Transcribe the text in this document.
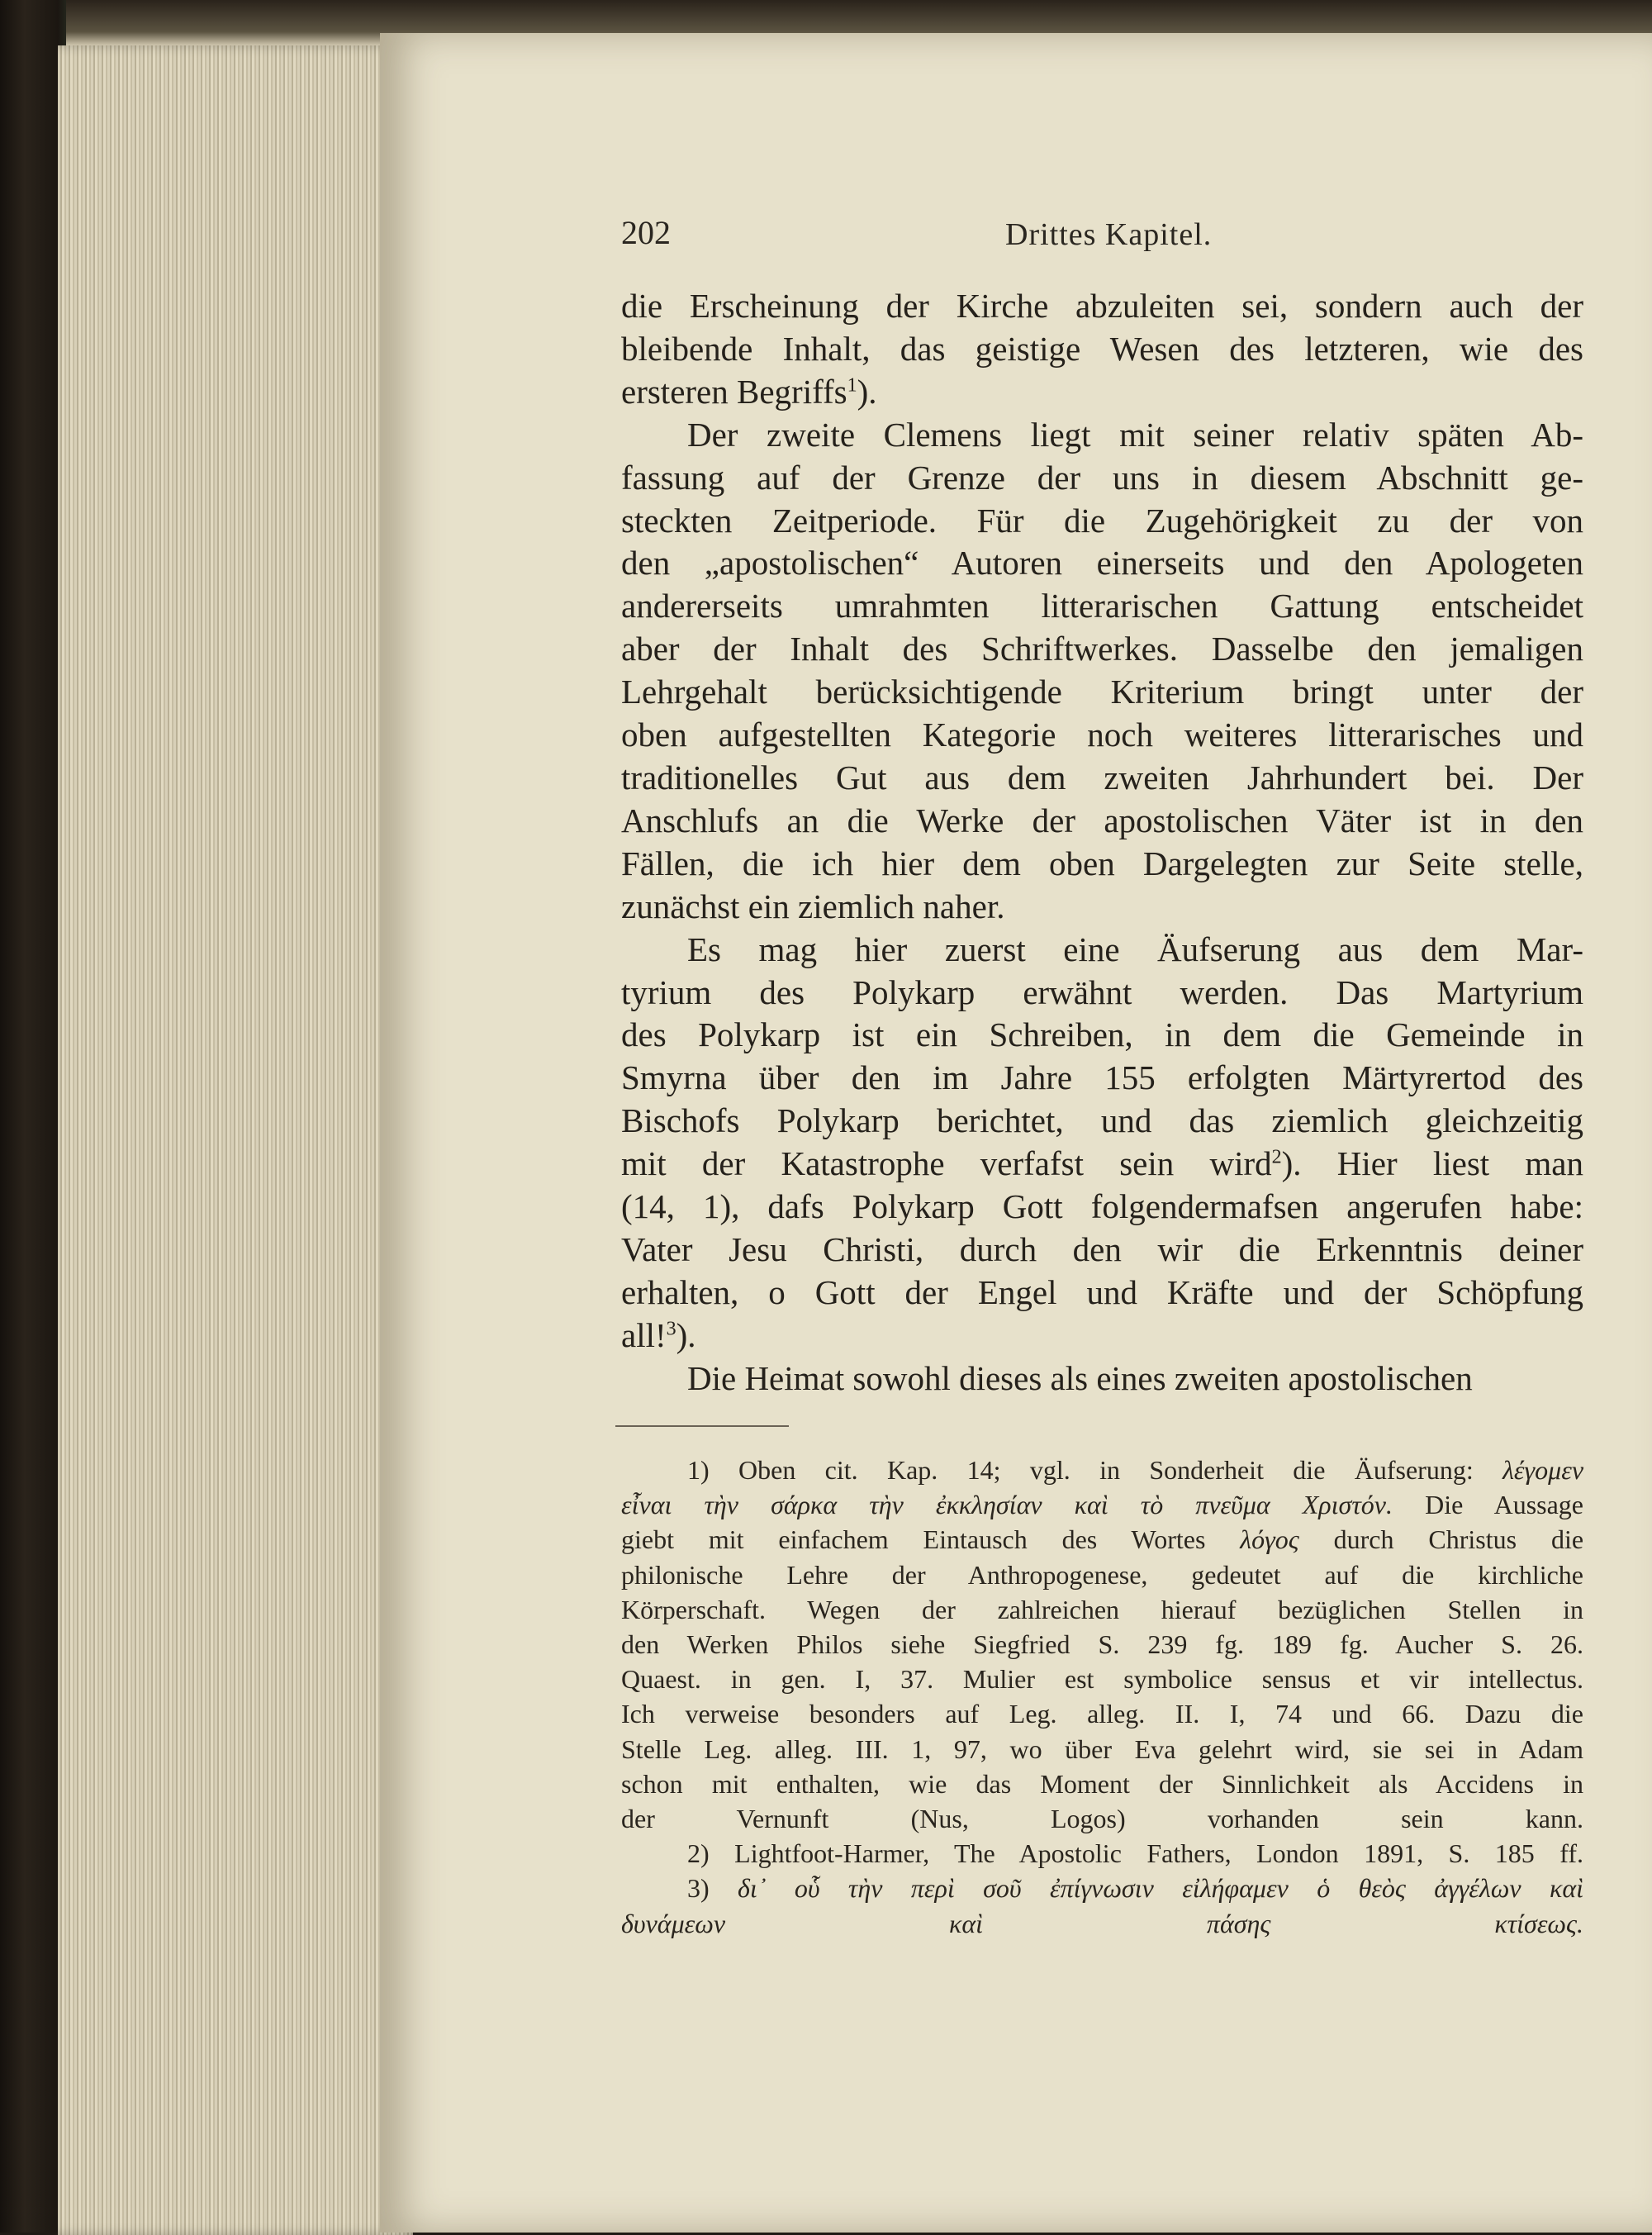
202	Drittes Kapitel.
die Erscheinung der Kirche abzuleiten sei, sondern auch der
bleibende Inhalt, das geistige Wesen des letzteren, wie des
ersteren Begriffs$^1$).
Der zweite Clemens liegt mit seiner relativ späten Ab-
fassung auf der Grenze der uns in diesem Abschnitt ge-
steckten Zeitperiode. Für die Zugehörigkeit zu der von
den „apostolischen“ Autoren einerseits und den Apologeten
andererseits umrahmten litterarischen Gattung entscheidet
aber der Inhalt des Schriftwerkes. Dasselbe den jemaligen
Lehrgehalt berücksichtigende Kriterium bringt unter der
oben aufgestellten Kategorie noch weiteres litterarisches und
traditionelles Gut aus dem zweiten Jahrhundert bei. Der
Anschlufs an die Werke der apostolischen Väter ist in den
Fällen, die ich hier dem oben Dargelegten zur Seite stelle,
zunächst ein ziemlich naher.
Es mag hier zuerst eine Äufserung aus dem Mar-
tyrium des Polykarp erwähnt werden. Das Martyrium
des Polykarp ist ein Schreiben, in dem die Gemeinde in
Smyrna über den im Jahre 155 erfolgten Märtyrertod des
Bischofs Polykarp berichtet, und das ziemlich gleichzeitig
mit der Katastrophe verfafst sein wird$^2$). Hier liest man
(14, 1), dafs Polykarp Gott folgendermafsen angerufen habe:
Vater Jesu Christi, durch den wir die Erkenntnis deiner
erhalten, o Gott der Engel und Kräfte und der Schöpfung
all!$^3$).
Die Heimat sowohl dieses als eines zweiten apostolischen
1) Oben cit. Kap. 14; vgl. in Sonderheit die Äufserung: λέγομεν
εἶναι τὴν σάρκα τὴν ἐκκλησίαν καὶ τὸ πνεῦμα Χριστόν. Die Aussage
giebt mit einfachem Eintausch des Wortes λόγος durch Christus die
philonische Lehre der Anthropogenese, gedeutet auf die kirchliche
Körperschaft. Wegen der zahlreichen hierauf bezüglichen Stellen in
den Werken Philos siehe Siegfried S. 239 fg. 189 fg. Aucher S. 26.
Quaest. in gen. I, 37. Mulier est symbolice sensus et vir intellectus.
Ich verweise besonders auf Leg. alleg. II. I, 74 und 66. Dazu die
Stelle Leg. alleg. III. 1, 97, wo über Eva gelehrt wird, sie sei in Adam
schon mit enthalten, wie das Moment der Sinnlichkeit als Accidens in
der Vernunft (Nus, Logos) vorhanden sein kann.
2) Lightfoot-Harmer, The Apostolic Fathers, London 1891, S. 185 ff.
3) δι᾽ οὗ τὴν περὶ σοῦ ἐπίγνωσιν εἰλήφαμεν ὁ θεὸς ἀγγέλων καὶ
δυνάμεων καὶ πάσης κτίσεως.
